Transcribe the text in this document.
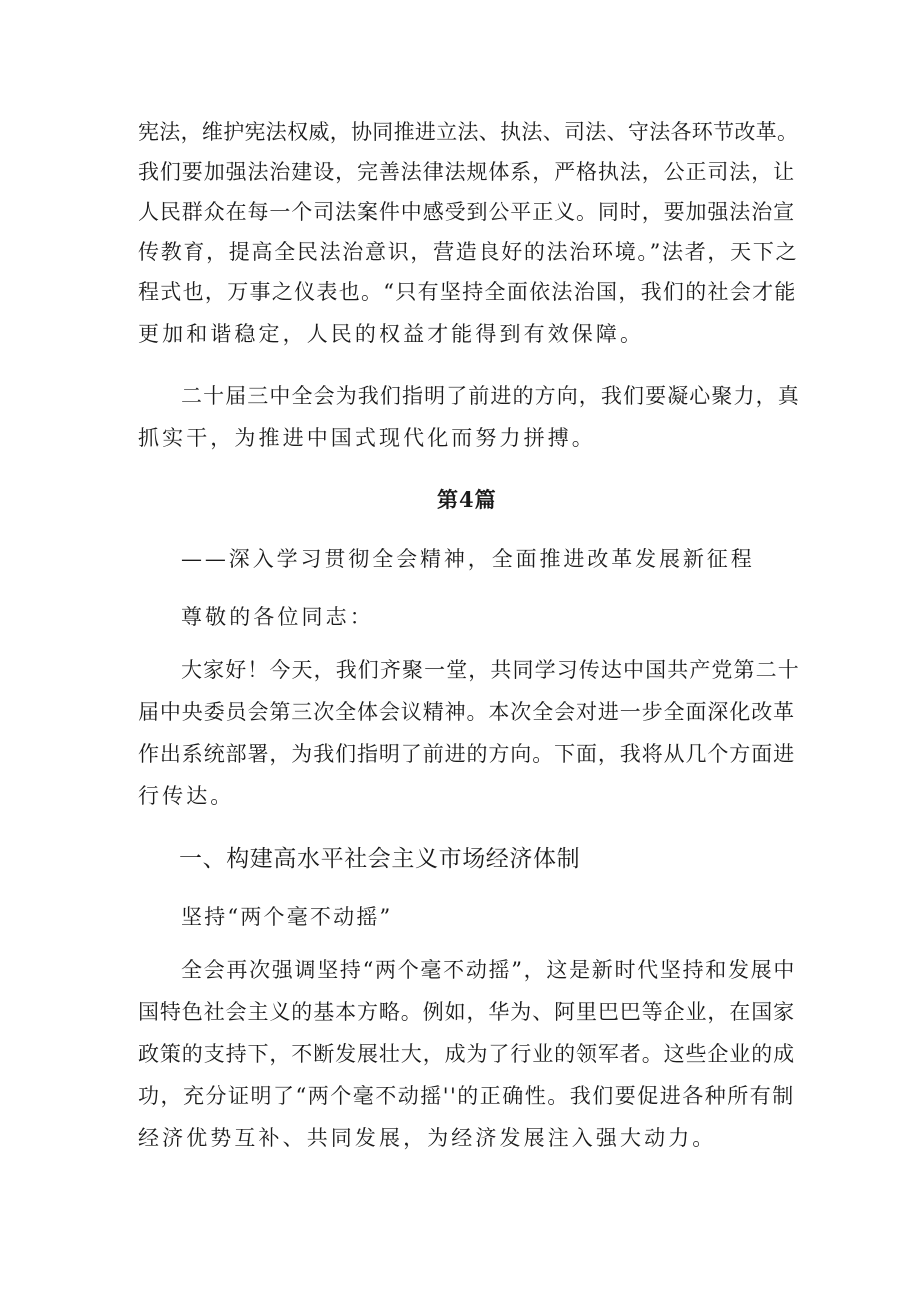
宪法，维护宪法权威，协同推进立法、执法、司法、守法各环节改革。
我们要加强法治建设，完善法律法规体系，严格执法，公正司法，让
人民群众在每一个司法案件中感受到公平正义。同时，要加强法治宣
传教育，提高全民法治意识，营造良好的法治环境。”法者，天下之
程式也，万事之仪表也。“只有坚持全面依法治国，我们的社会才能
更加和谐稳定，人民的权益才能得到有效保障。
二十届三中全会为我们指明了前进的方向，我们要凝心聚力，真
抓实干，为推进中国式现代化而努力拼搏。
第4篇
——深入学习贯彻全会精神，全面推进改革发展新征程
尊敬的各位同志：
大家好！今天，我们齐聚一堂，共同学习传达中国共产党第二十
届中央委员会第三次全体会议精神。本次全会对进一步全面深化改革
作出系统部署，为我们指明了前进的方向。下面，我将从几个方面进
行传达。
一、构建高水平社会主义市场经济体制
坚持“两个毫不动摇”
全会再次强调坚持“两个毫不动摇”，这是新时代坚持和发展中
国特色社会主义的基本方略。例如，华为、阿里巴巴等企业，在国家
政策的支持下，不断发展壮大，成为了行业的领军者。这些企业的成
功，充分证明了“两个毫不动摇''的正确性。我们要促进各种所有制
经济优势互补、共同发展，为经济发展注入强大动力。
